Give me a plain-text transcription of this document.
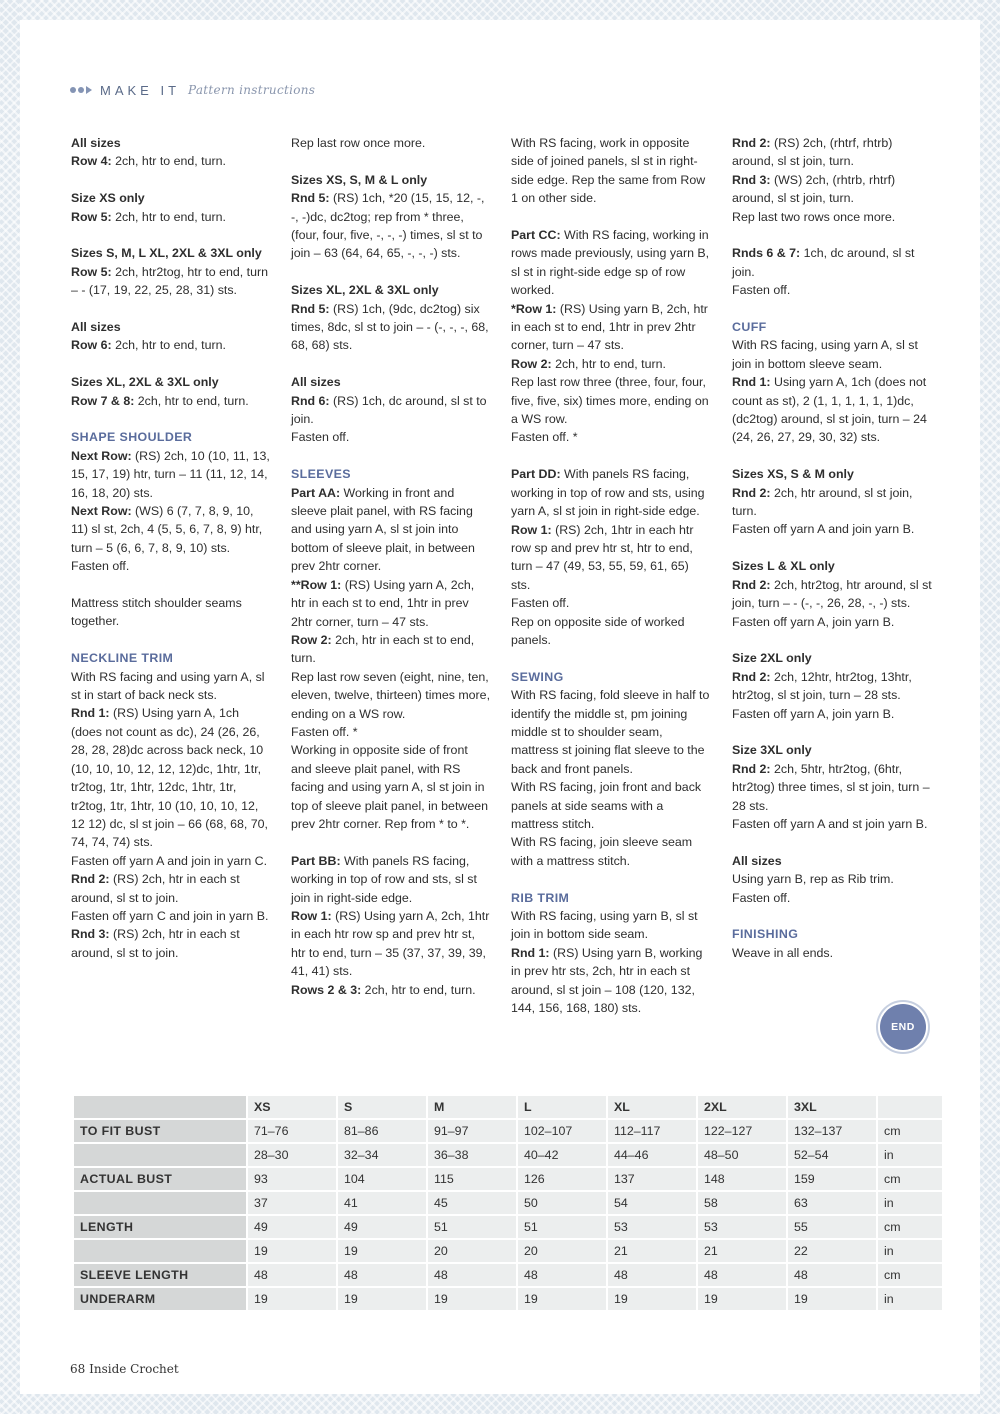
MAKE IT Pattern instructions

All sizes

Row 4: 2ch, htr to end, turn.

Size XS only

Row 5: 2ch, htr to end, turn.

Sizes S, M, L XL, 2XL & 3XL only

Row 5: 2ch, htr2tog, htr to end, turn – - (17, 19, 22, 25, 28, 31) sts.

All sizes

Row 6: 2ch, htr to end, turn.

Sizes XL, 2XL & 3XL only

Row 7 & 8: 2ch, htr to end, turn.

SHAPE SHOULDER

Next Row: (RS) 2ch, 10 (10, 11, 13, 15, 17, 19) htr, turn – 11 (11, 12, 14, 16, 18, 20) sts.

Next Row: (WS) 6 (7, 7, 8, 9, 10, 11) sl st, 2ch, 4 (5, 5, 6, 7, 8, 9) htr, turn – 5 (6, 6, 7, 8, 9, 10) sts.

Fasten off.

Mattress stitch shoulder seams together.

NECKLINE TRIM

With RS facing and using yarn A, sl st in start of back neck sts.

Rnd 1: (RS) Using yarn A, 1ch (does not count as dc), 24 (26, 26, 28, 28, 28)dc across back neck, 10 (10, 10, 10, 12, 12, 12)dc, 1htr, 1tr, tr2tog, 1tr, 1htr, 12dc, 1htr, 1tr, tr2tog, 1tr, 1htr, 10 (10, 10, 10, 12, 12 12) dc, sl st join – 66 (68, 68, 70, 74, 74, 74) sts.

Fasten off yarn A and join in yarn C.

Rnd 2: (RS) 2ch, htr in each st around, sl st to join.

Fasten off yarn C and join in yarn B.

Rnd 3: (RS) 2ch, htr in each st around, sl st to join.

Rep last row once more.

Sizes XS, S, M & L only

Rnd 5: (RS) 1ch, *20 (15, 15, 12, -, -, -)dc, dc2tog; rep from * three, (four, four, five, -, -, -) times, sl st to join – 63 (64, 64, 65, -, -, -) sts.

Sizes XL, 2XL & 3XL only

Rnd 5: (RS) 1ch, (9dc, dc2tog) six times, 8dc, sl st to join – - (-, -, -, 68, 68, 68) sts.

All sizes

Rnd 6: (RS) 1ch, dc around, sl st to join.

Fasten off.

SLEEVES

Part AA: Working in front and sleeve plait panel, with RS facing and using yarn A, sl st join into bottom of sleeve plait, in between prev 2htr corner.

**Row 1: (RS) Using yarn A, 2ch, htr in each st to end, 1htr in prev 2htr corner, turn – 47 sts.

Row 2: 2ch, htr in each st to end, turn.

Rep last row seven (eight, nine, ten, eleven, twelve, thirteen) times more, ending on a WS row.

Fasten off. *

Working in opposite side of front and sleeve plait panel, with RS facing and using yarn A, sl st join in top of sleeve plait panel, in between prev 2htr corner. Rep from * to *.

Part BB: With panels RS facing, working in top of row and sts, sl st join in right-side edge.

Row 1: (RS) Using yarn A, 2ch, 1htr in each htr row sp and prev htr st, htr to end, turn – 35 (37, 37, 39, 39, 41, 41) sts.

Rows 2 & 3: 2ch, htr to end, turn.

With RS facing, work in opposite side of joined panels, sl st in right-side edge. Rep the same from Row 1 on other side.

Part CC: With RS facing, working in rows made previously, using yarn B, sl st in right-side edge sp of row worked.

*Row 1: (RS) Using yarn B, 2ch, htr in each st to end, 1htr in prev 2htr corner, turn – 47 sts.

Row 2: 2ch, htr to end, turn.

Rep last row three (three, four, four, five, five, six) times more, ending on a WS row.

Fasten off. *

Part DD: With panels RS facing, working in top of row and sts, using yarn A, sl st join in right-side edge.

Row 1: (RS) 2ch, 1htr in each htr row sp and prev htr st, htr to end, turn – 47 (49, 53, 55, 59, 61, 65) sts.

Fasten off.

Rep on opposite side of worked panels.

SEWING

With RS facing, fold sleeve in half to identify the middle st, pm joining middle st to shoulder seam, mattress st joining flat sleeve to the back and front panels.

With RS facing, join front and back panels at side seams with a mattress stitch.

With RS facing, join sleeve seam with a mattress stitch.

RIB TRIM

With RS facing, using yarn B, sl st join in bottom side seam.

Rnd 1: (RS) Using yarn B, working in prev htr sts, 2ch, htr in each st around, sl st join – 108 (120, 132, 144, 156, 168, 180) sts.

Rnd 2: (RS) 2ch, (rhtrf, rhtrb) around, sl st join, turn.

Rnd 3: (WS) 2ch, (rhtrb, rhtrf) around, sl st join, turn.

Rep last two rows once more.

Rnds 6 & 7: 1ch, dc around, sl st join.

Fasten off.

CUFF

With RS facing, using yarn A, sl st join in bottom sleeve seam.

Rnd 1: Using yarn A, 1ch (does not count as st), 2 (1, 1, 1, 1, 1, 1)dc, (dc2tog) around, sl st join, turn – 24 (24, 26, 27, 29, 30, 32) sts.

Sizes XS, S & M only

Rnd 2: 2ch, htr around, sl st join, turn.

Fasten off yarn A and join yarn B.

Sizes L & XL only

Rnd 2: 2ch, htr2tog, htr around, sl st join, turn – - (-, -, 26, 28, -, -) sts.

Fasten off yarn A, join yarn B.

Size 2XL only

Rnd 2: 2ch, 12htr, htr2tog, 13htr, htr2tog, sl st join, turn – 28 sts.

Fasten off yarn A, join yarn B.

Size 3XL only

Rnd 2: 2ch, 5htr, htr2tog, (6htr, htr2tog) three times, sl st join, turn – 28 sts.

Fasten off yarn A and st join yarn B.

All sizes

Using yarn B, rep as Rib trim.

Fasten off.

FINISHING

Weave in all ends.

END
	XS	S	M	L	XL	2XL	3XL	
TO FIT BUST	71–76	81–86	91–97	102–107	112–117	122–127	132–137	cm
	28–30	32–34	36–38	40–42	44–46	48–50	52–54	in
ACTUAL BUST	93	104	115	126	137	148	159	cm
	37	41	45	50	54	58	63	in
LENGTH	49	49	51	51	53	53	55	cm
	19	19	20	20	21	21	22	in
SLEEVE LENGTH	48	48	48	48	48	48	48	cm
UNDERARM	19	19	19	19	19	19	19	in
68 Inside Crochet
